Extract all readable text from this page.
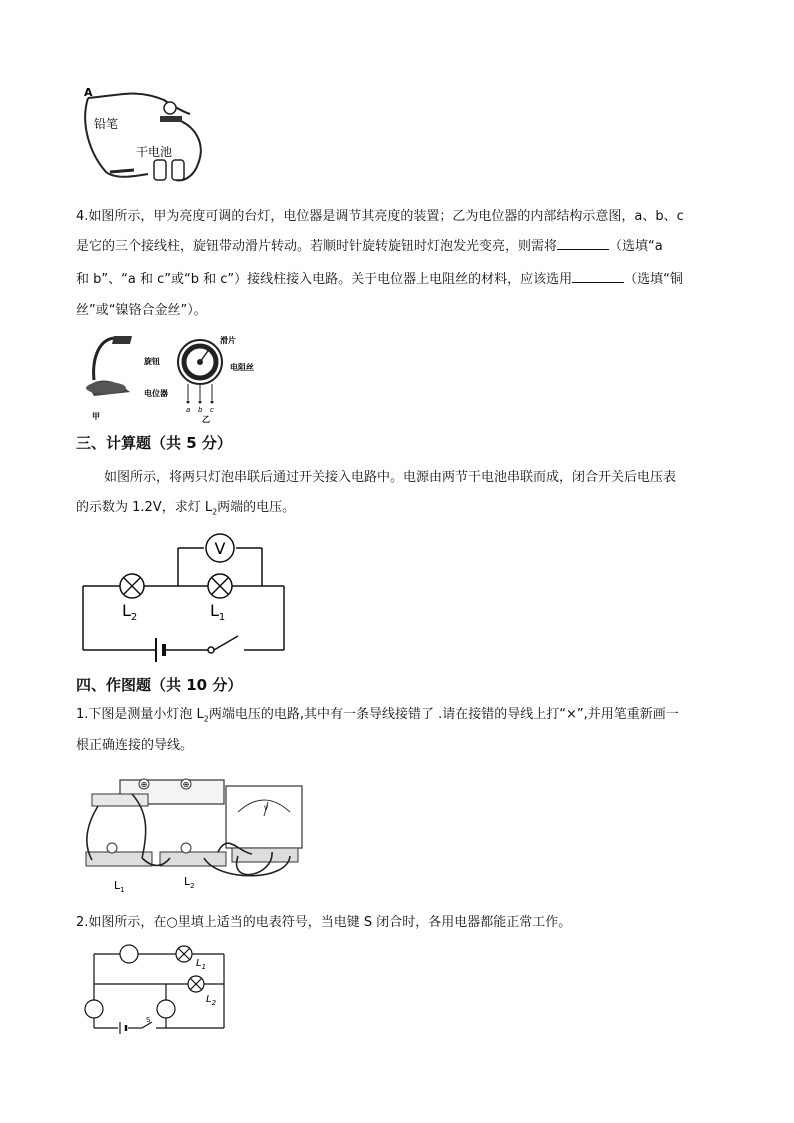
A
铅笔
干电池
4.如图所示，甲为亮度可调的台灯，电位器是调节其亮度的装置；乙为电位器的内部结构示意图，a、b、c
是它的三个接线柱，旋钮带动滑片转动。若顺时针旋转旋钮时灯泡发光变亮，则需将	（选填“a
和 b”、“a 和 c”或“b 和 c”）接线柱接入电路。关于电位器上电阻丝的材料，应该选用	（选填“铜
丝”或“镍铬合金丝”）。
电位器
甲
a b c
乙
旋钮
滑片
电阻丝
三、计算题（共 5 分）
如图所示，将两只灯泡串联后通过开关接入电路中。电源由两节干电池串联而成，闭合开关后电压表
的示数为 1.2V，求灯 $L_2$两端的电压。
V
$L_2$	$L_1$
四、作图题（共 10 分）
1.下图是测量小灯泡 $L_2$两端电压的电路,其中有一条导线接错了 .请在接错的导线上打“×”,并用笔重新画一
根正确连接的导线。
⊕	⊕
V
$L_1$
$L_2$
2.如图所示，在○里填上适当的电表符号，当电键 S 闭合时，各用电器都能正常工作。
$L_1$
$L_2$
S
